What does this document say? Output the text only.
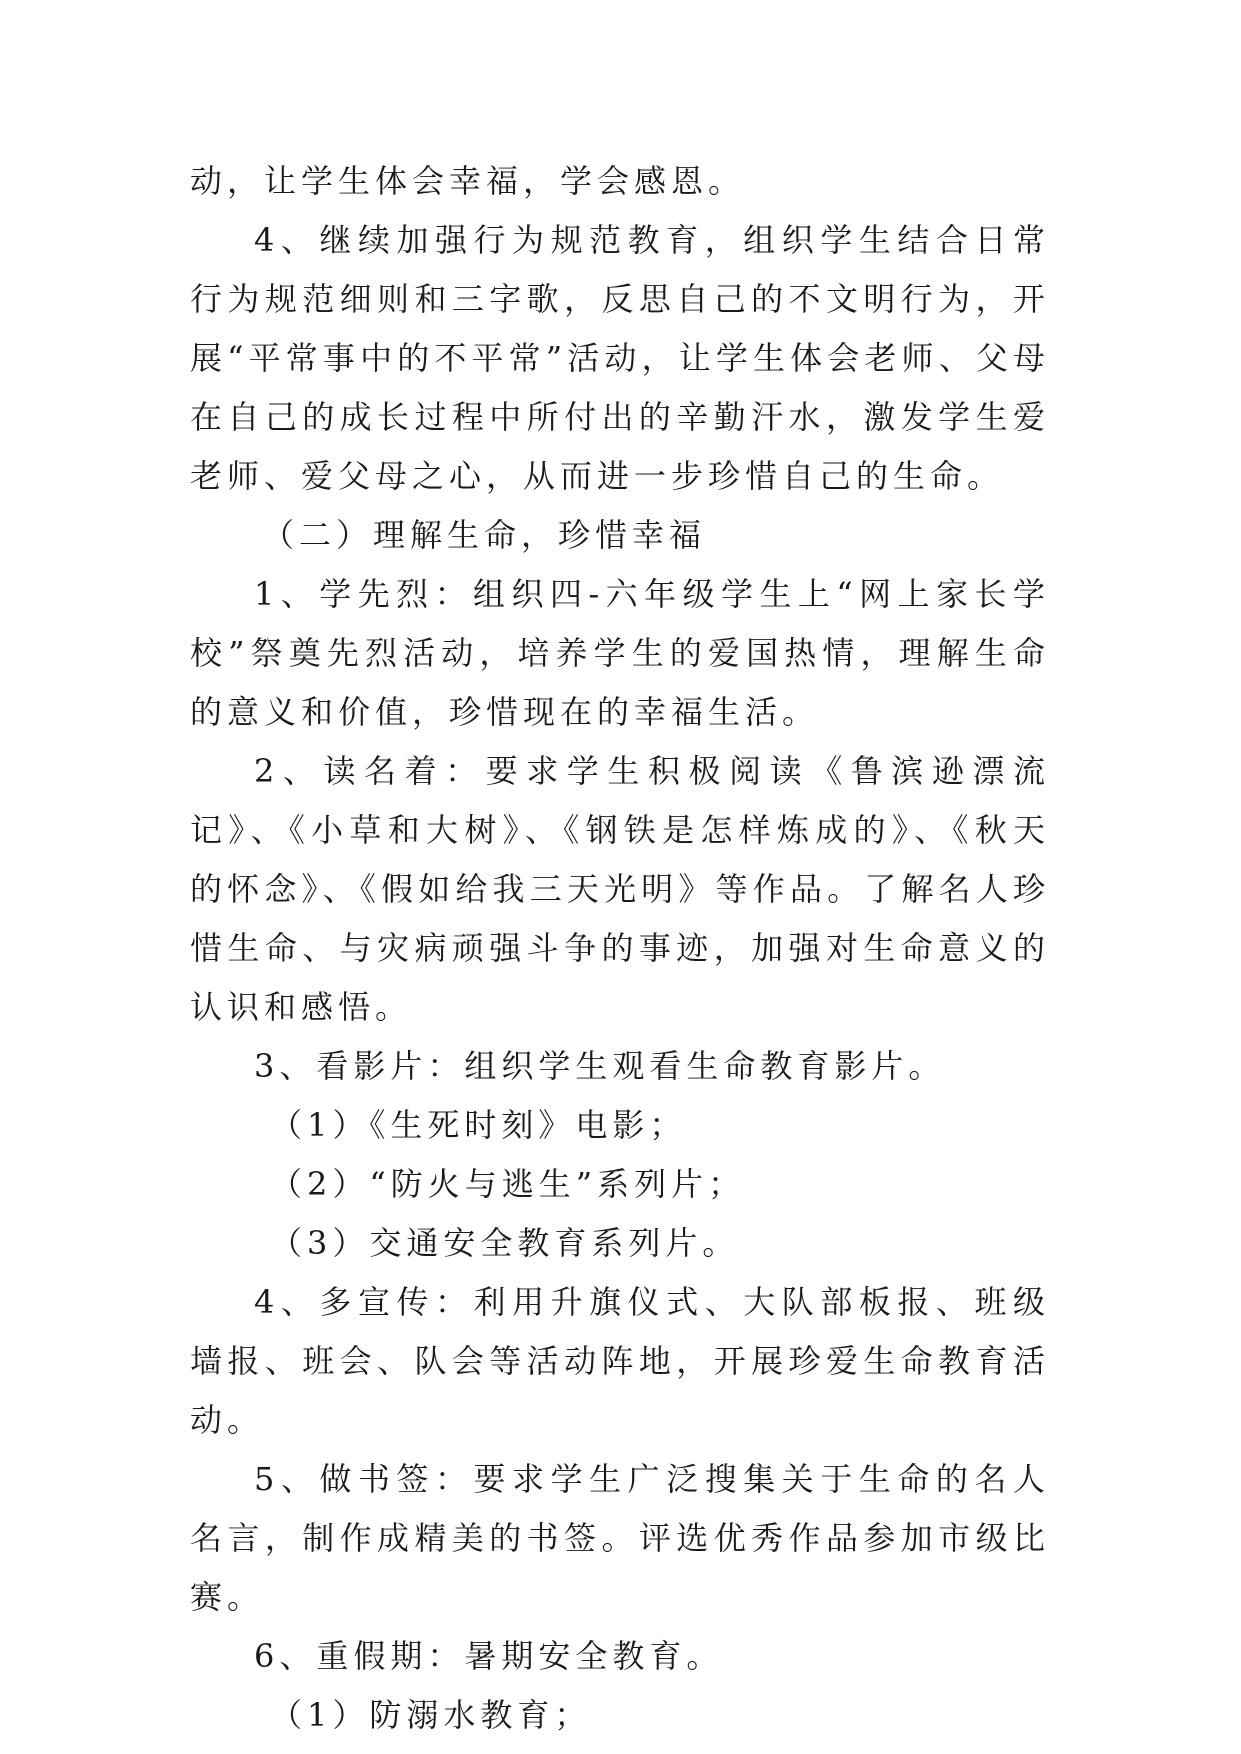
动，让学生体会幸福，学会感恩。

4、继续加强行为规范教育，组织学生结合日常行为规范细则和三字歌，反思自己的不文明行为，开展“平常事中的不平常”活动，让学生体会老师、父母在自己的成长过程中所付出的辛勤汗水，激发学生爱老师、爱父母之心，从而进一步珍惜自己的生命。

（二）理解生命，珍惜幸福

1、学先烈：组织四-六年级学生上“网上家长学校”祭奠先烈活动，培养学生的爱国热情，理解生命的意义和价值，珍惜现在的幸福生活。

2、读名着：要求学生积极阅读《鲁滨逊漂流记》、《小草和大树》、《钢铁是怎样炼成的》、《秋天的怀念》、《假如给我三天光明》等作品。了解名人珍惜生命、与灾病顽强斗争的事迹，加强对生命意义的认识和感悟。

3、看影片：组织学生观看生命教育影片。

（1）《生死时刻》电影；

（2）“防火与逃生”系列片；

（3）交通安全教育系列片。

4、多宣传：利用升旗仪式、大队部板报、班级墙报、班会、队会等活动阵地，开展珍爱生命教育活动。

5、做书签：要求学生广泛搜集关于生命的名人名言，制作成精美的书签。评选优秀作品参加市级比赛。

6、重假期：暑期安全教育。

（1）防溺水教育；
